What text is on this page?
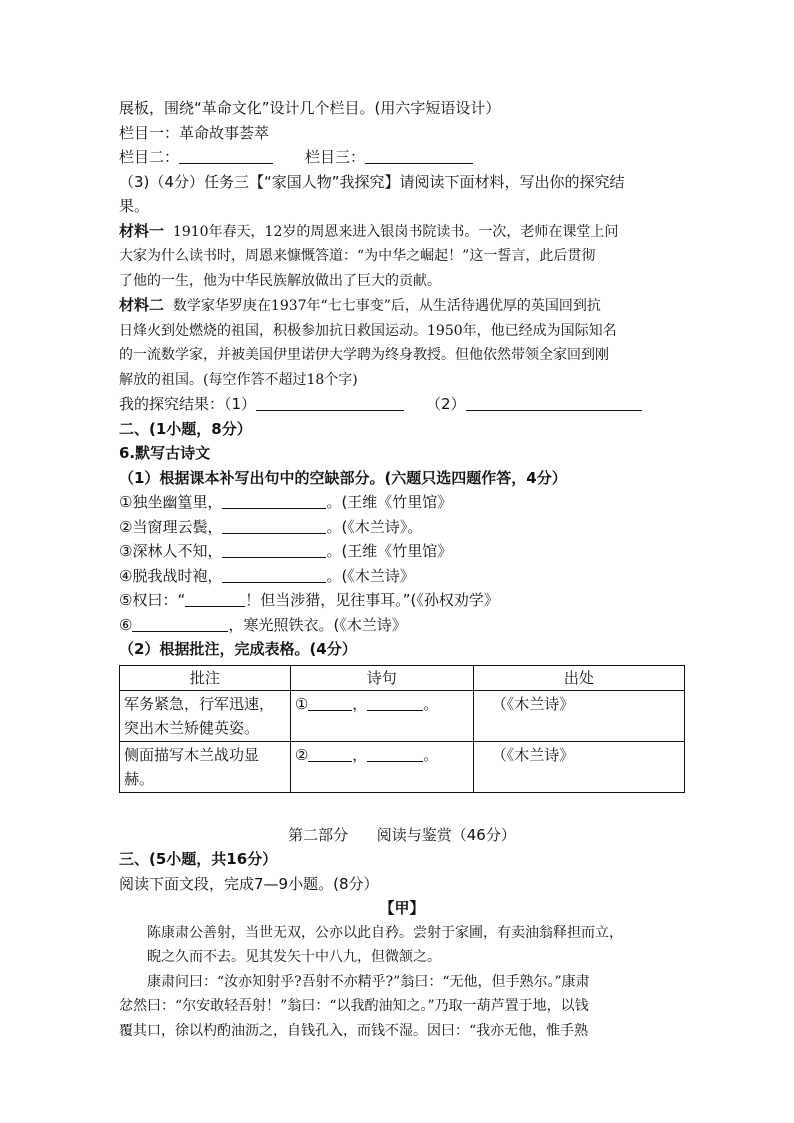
展板，围绕“革命文化”设计几个栏目。(用六字短语设计）

栏目一：革命故事荟萃

栏目二：	栏目三：

（3)（4分）任务三【“家国人物”我探究】请阅读下面材料，写出你的探究结

果。

材料一 1910年春天，12岁的周恩来进入银岗书院读书。一次，老师在课堂上问

大家为什么读书时，周恩来慷慨答道：“为中华之崛起！”这一誓言，此后贯彻

了他的一生，他为中华民族解放做出了巨大的贡献。

材料二 数学家华罗庚在1937年“七七事变”后，从生活待遇优厚的英国回到抗

日烽火到处燃烧的祖国，积极参加抗日救国运动。1950年，他已经成为国际知名

的一流数学家，并被美国伊里诺伊大学聘为终身教授。但他依然带领全家回到刚

解放的祖国。(每空作答不超过18个字)

我的探究结果：（1）	（2）

二、(1小题，8分）

6.默写古诗文

（1）根据课本补写出句中的空缺部分。(六题只选四题作答，4分）

①独坐幽篁里，	。(王维《竹里馆》

②当窗理云鬓，	。(《木兰诗》。

③深林人不知，	。(王维《竹里馆》

④脱我战时袍，	。(《木兰诗》

⑤权曰：“	！但当涉猎，见往事耳。”(《孙权劝学》

⑥	，寒光照铁衣。(《木兰诗》

（2）根据批注，完成表格。(4分）

批注	诗句	出处
军务紧急，行军迅速，
突出木兰矫健英姿。	① ， 。	（《木兰诗》
侧面描写木兰战功显
赫。	② ， 。	（《木兰诗》

第二部分      阅读与鉴赏（46分）

三、(5小题，共16分）

阅读下面文段，完成7—9小题。(8分）

【甲】

陈康肃公善射，当世无双，公亦以此自矜。尝射于家圃，有卖油翁释担而立，

睨之久而不去。见其发矢十中八九，但微颔之。

康肃问曰：“汝亦知射乎?吾射不亦精乎?”翁曰：“无他，但手熟尔。”康肃

忿然曰：“尔安敢轻吾射！”翁曰：“以我酌油知之。”乃取一葫芦置于地，以钱

覆其口，徐以杓酌油沥之，自钱孔入，而钱不湿。因曰：“我亦无他，惟手熟
